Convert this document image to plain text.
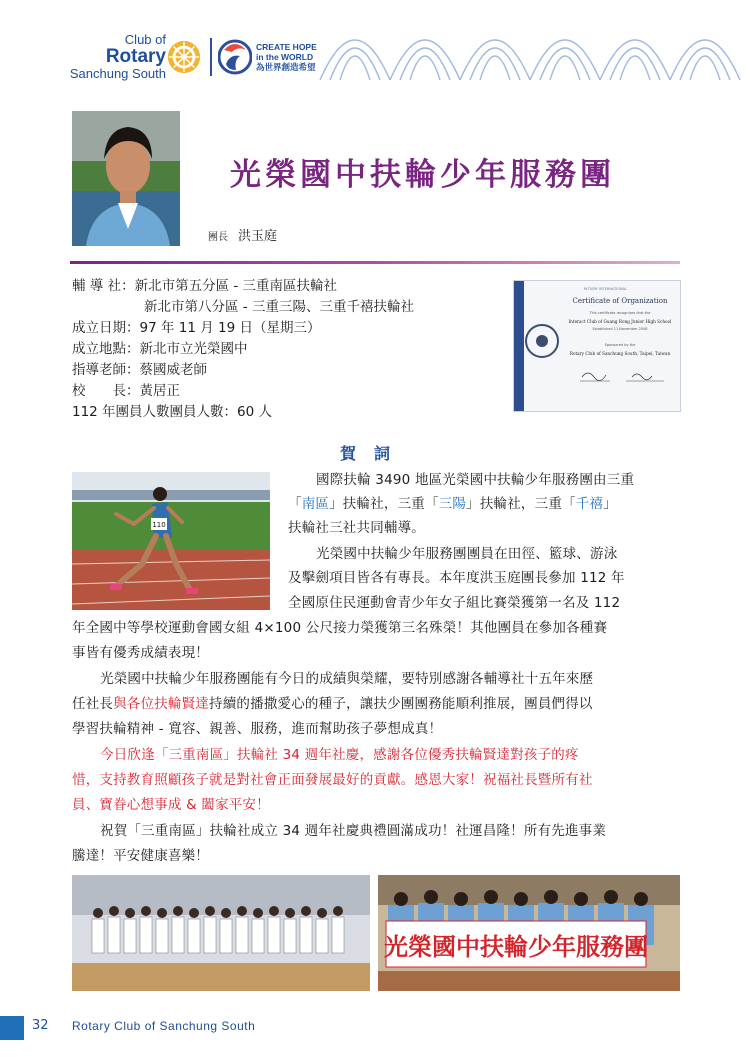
Club of
Rotary
Sanchung South
CREATE HOPE
in the WORLD
為世界創造希望
光榮國中扶輪少年服務團
團長 洪玉庭
輔 導 社：新北市第五分區 - 三重南區扶輪社
新北市第八分區 - 三重三陽、三重千禧扶輪社
成立日期：97 年 11 月 19 日（星期三）
成立地點：新北市立光榮國中
指導老師：蔡國威老師
校　　長：黃居正
112 年團員人數團員人數：60 人
ROTARY INTERNATIONAL
Certificate of Organization
This certificate recognizes that the
Interact Club of Guang Rong Junior High School
Established 11 November 2008
Sponsored by the
Rotary Club of Sanchung South, Taipei, Taiwan
賀詞
110
國際扶輪 3490 地區光榮國中扶輪少年服務團由三重
「南區」扶輪社，三重「三陽」扶輪社，三重「千禧」
扶輪社三社共同輔導。
光榮國中扶輪少年服務團團員在田徑、籃球、游泳
及擊劍項目皆各有專長。本年度洪玉庭團長參加 112 年
全國原住民運動會青少年女子組比賽榮獲第一名及 112
年全國中等學校運動會國女組 4×100 公尺接力榮獲第三名殊榮！其他團員在參加各種賽
事皆有優秀成績表現！
光榮國中扶輪少年服務團能有今日的成績與榮耀，要特別感謝各輔導社十五年來歷
任社長與各位扶輪賢達持續的播撒愛心的種子，讓扶少團團務能順利推展，團員們得以
學習扶輪精神 - 寬容、親善、服務，進而幫助孩子夢想成真！
今日欣逢「三重南區」扶輪社 34 週年社慶，感謝各位優秀扶輪賢達對孩子的疼
惜，支持教育照顧孩子就是對社會正面發展最好的貢獻。感恩大家！祝福社長暨所有社
員、寶眷心想事成 & 闔家平安！
祝賀「三重南區」扶輪社成立 34 週年社慶典禮圓滿成功！社運昌隆！所有先進事業
騰達！平安健康喜樂！
光榮國中扶輪少年服務團
32 Rotary Club of Sanchung South
